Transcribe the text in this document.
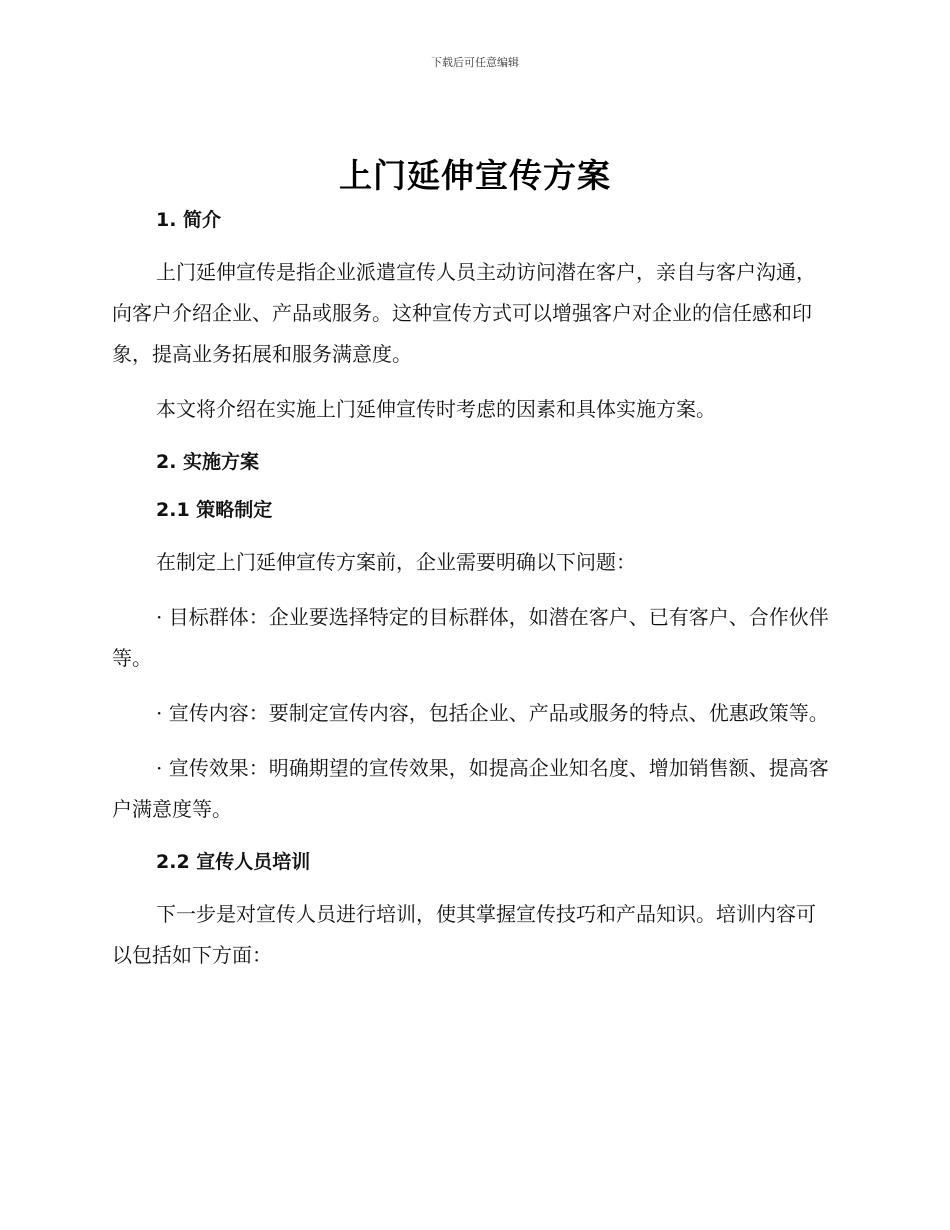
下载后可任意编辑
上门延伸宣传方案

1. 简介

上门延伸宣传是指企业派遣宣传人员主动访问潜在客户，亲自与客户沟通，向客户介绍企业、产品或服务。这种宣传方式可以增强客户对企业的信任感和印象，提高业务拓展和服务满意度。

本文将介绍在实施上门延伸宣传时考虑的因素和具体实施方案。

2. 实施方案

2.1 策略制定

在制定上门延伸宣传方案前，企业需要明确以下问题：

· 目标群体：企业要选择特定的目标群体，如潜在客户、已有客户、合作伙伴等。

· 宣传内容：要制定宣传内容，包括企业、产品或服务的特点、优惠政策等。

· 宣传效果：明确期望的宣传效果，如提高企业知名度、增加销售额、提高客户满意度等。

2.2 宣传人员培训

下一步是对宣传人员进行培训，使其掌握宣传技巧和产品知识。培训内容可以包括如下方面：
